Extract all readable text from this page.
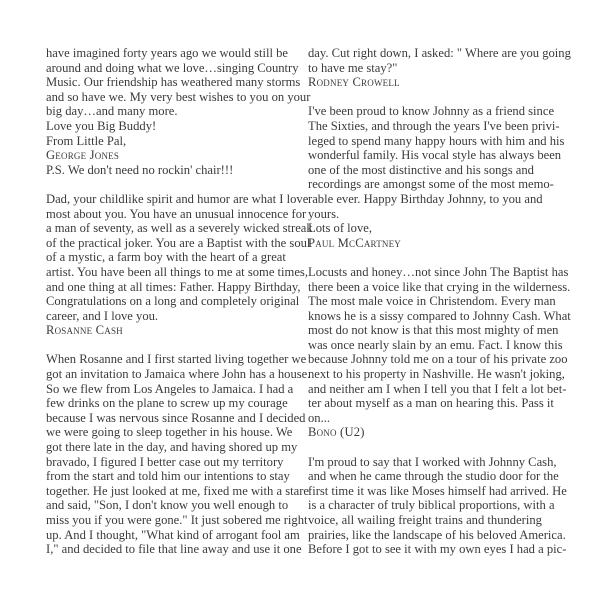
have imagined forty years ago we would still be
around and doing what we love…singing Country
Music. Our friendship has weathered many storms
and so have we. My very best wishes to you on your
big day…and many more.
Love you Big Buddy!
From Little Pal,
George Jones
P.S. We don't need no rockin' chair!!!
Dad, your childlike spirit and humor are what I love
most about you. You have an unusual innocence for
a man of seventy, as well as a severely wicked streak
of the practical joker. You are a Baptist with the soul
of a mystic, a farm boy with the heart of a great
artist. You have been all things to me at some times,
and one thing at all times: Father. Happy Birthday,
Congratulations on a long and completely original
career, and I love you.
Rosanne Cash
When Rosanne and I first started living together we
got an invitation to Jamaica where John has a house.
So we flew from Los Angeles to Jamaica. I had a
few drinks on the plane to screw up my courage
because I was nervous since Rosanne and I decided
we were going to sleep together in his house. We
got there late in the day, and having shored up my
bravado, I figured I better case out my territory
from the start and told him our intentions to stay
together. He just looked at me, fixed me with a stare
and said, "Son, I don't know you well enough to
miss you if you were gone." It just sobered me right
up. And I thought, "What kind of arrogant fool am
I," and decided to file that line away and use it one
day. Cut right down, I asked: " Where are you going
to have me stay?"
Rodney Crowell
I've been proud to know Johnny as a friend since
The Sixties, and through the years I've been privi-
leged to spend many happy hours with him and his
wonderful family. His vocal style has always been
one of the most distinctive and his songs and
recordings are amongst some of the most memo-
rable ever. Happy Birthday Johnny, to you and
yours.
Lots of love,
Paul McCartney
Locusts and honey…not since John The Baptist has
there been a voice like that crying in the wilderness.
The most male voice in Christendom. Every man
knows he is a sissy compared to Johnny Cash. What
most do not know is that this most mighty of men
was once nearly slain by an emu. Fact. I know this
because Johnny told me on a tour of his private zoo
next to his property in Nashville. He wasn't joking,
and neither am I when I tell you that I felt a lot bet-
ter about myself as a man on hearing this. Pass it
on...
Bono (U2)
I'm proud to say that I worked with Johnny Cash,
and when he came through the studio door for the
first time it was like Moses himself had arrived. He
is a character of truly biblical proportions, with a
voice, all wailing freight trains and thundering
prairies, like the landscape of his beloved America.
Before I got to see it with my own eyes I had a pic-
